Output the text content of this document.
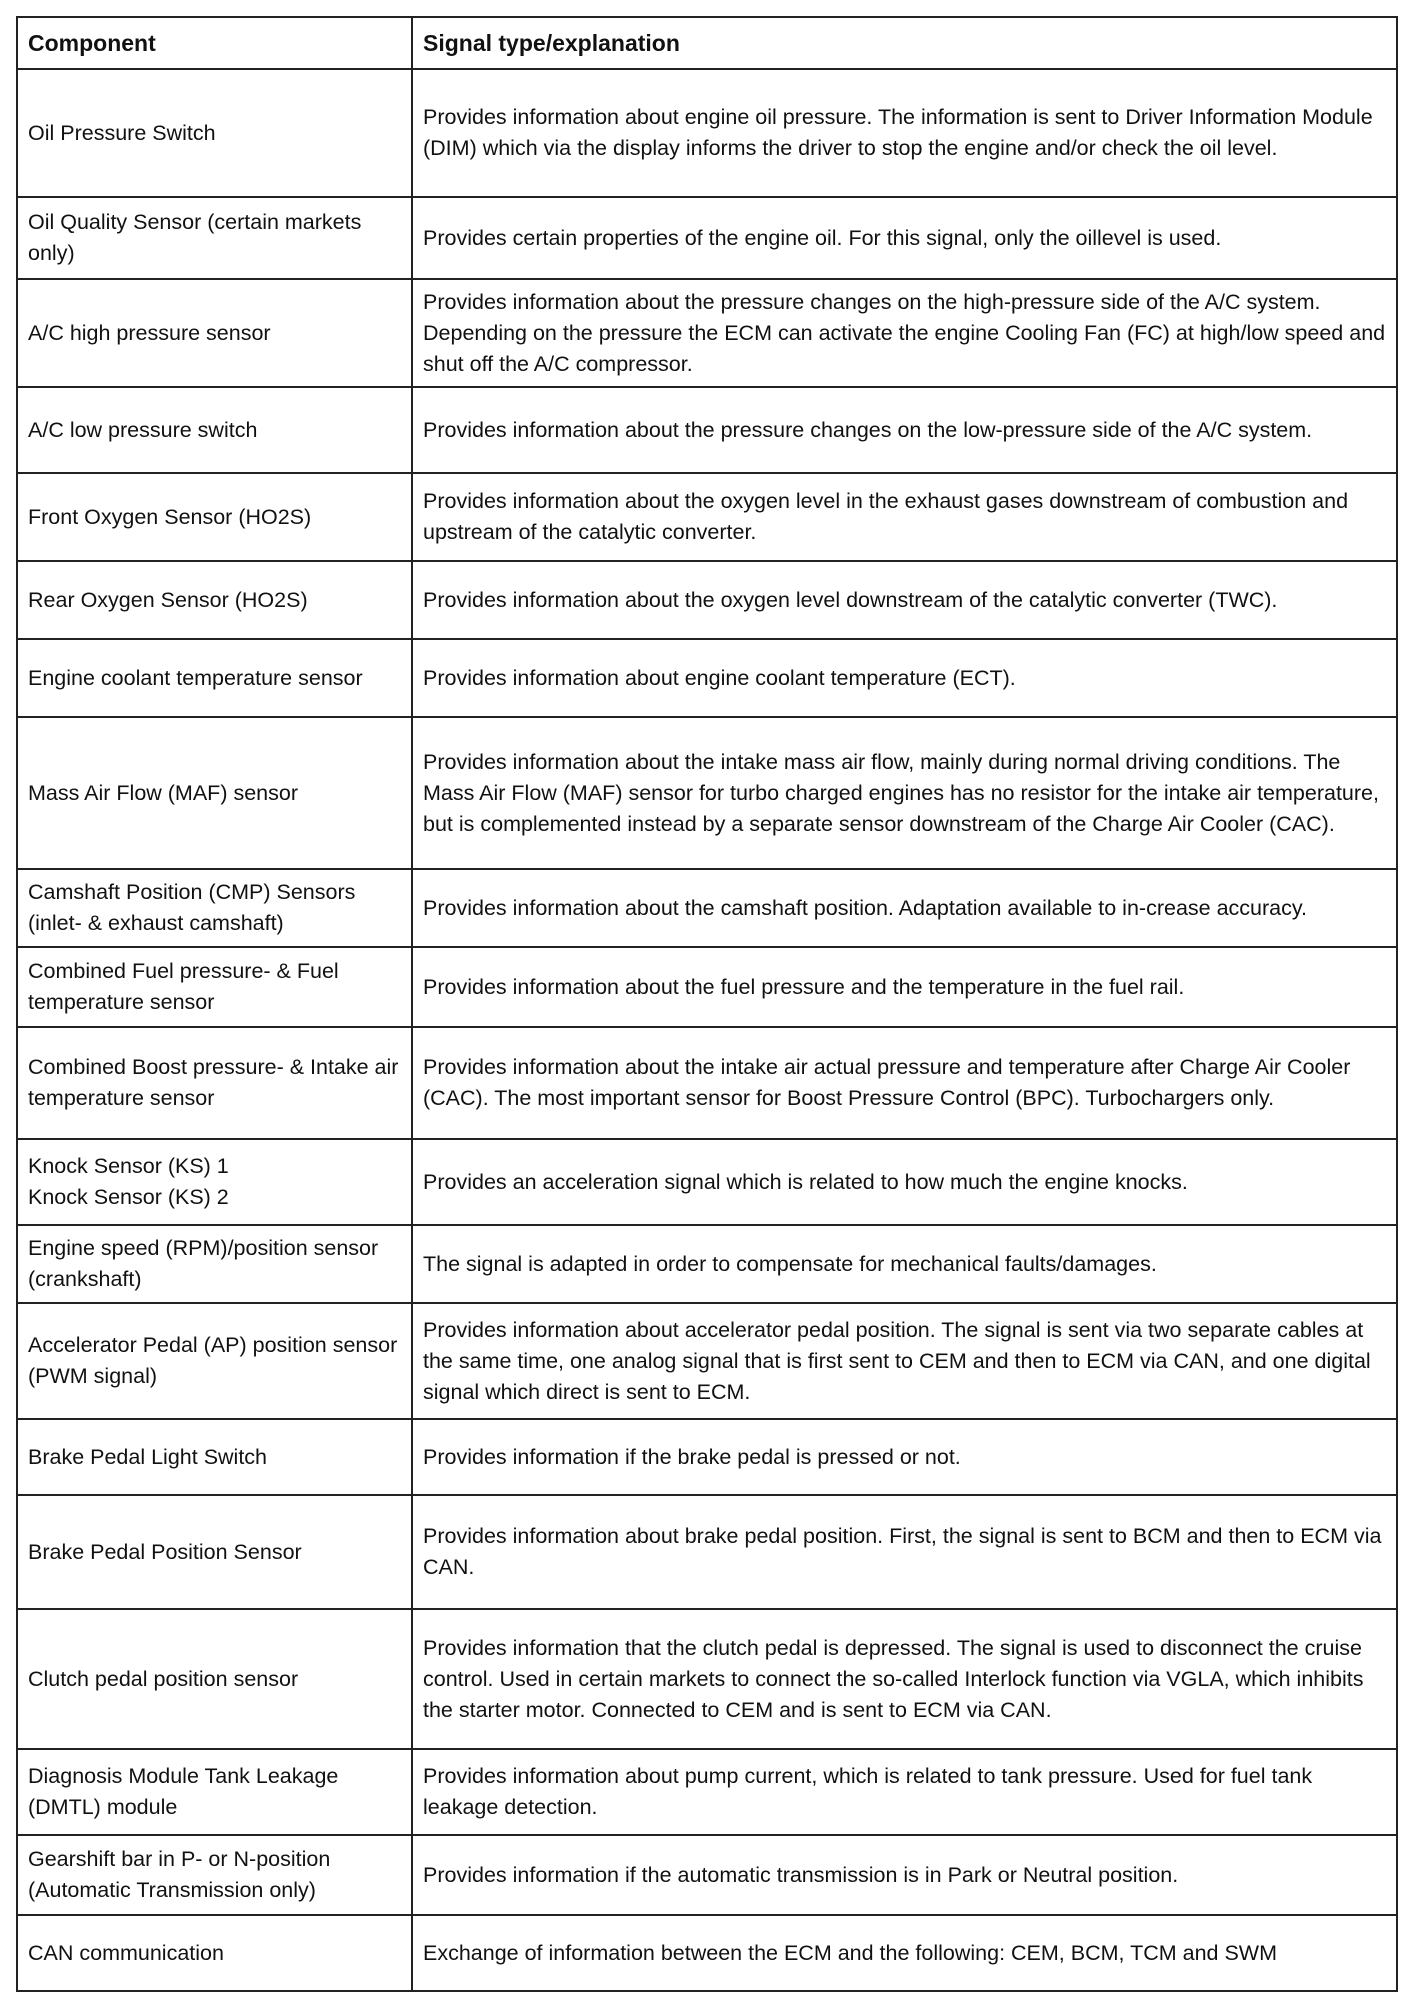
Component	Signal type/explanation
Oil Pressure Switch	Provides information about engine oil pressure. The information is sent to Driver Information Module (DIM) which via the display informs the driver to stop the engine and/or check the oil level.
Oil Quality Sensor (certain markets only)	Provides certain properties of the engine oil. For this signal, only the oillevel is used.
A/C high pressure sensor	Provides information about the pressure changes on the high-pressure side of the A/C system. Depending on the pressure the ECM can activate the engine Cooling Fan (FC) at high/low speed and shut off the A/C compressor.
A/C low pressure switch	Provides information about the pressure changes on the low-pressure side of the A/C system.
Front Oxygen Sensor (HO2S)	Provides information about the oxygen level in the exhaust gases downstream of combustion and upstream of the catalytic converter.
Rear Oxygen Sensor (HO2S)	Provides information about the oxygen level downstream of the catalytic converter (TWC).
Engine coolant temperature sensor	Provides information about engine coolant temperature (ECT).
Mass Air Flow (MAF) sensor	Provides information about the intake mass air flow, mainly during normal driving conditions. The Mass Air Flow (MAF) sensor for turbo charged engines has no resistor for the intake air temperature, but is complemented instead by a separate sensor downstream of the Charge Air Cooler (CAC).
Camshaft Position (CMP) Sensors (inlet- & exhaust camshaft)	Provides information about the camshaft position. Adaptation available to in-crease accuracy.
Combined Fuel pressure- & Fuel temperature sensor	Provides information about the fuel pressure and the temperature in the fuel rail.
Combined Boost pressure- & Intake air temperature sensor	Provides information about the intake air actual pressure and temperature after Charge Air Cooler (CAC). The most important sensor for Boost Pressure Control (BPC). Turbochargers only.
Knock Sensor (KS) 1
Knock Sensor (KS) 2	Provides an acceleration signal which is related to how much the engine knocks.
Engine speed (RPM)/position sensor (crankshaft)	The signal is adapted in order to compensate for mechanical faults/damages.
Accelerator Pedal (AP) position sensor (PWM signal)	Provides information about accelerator pedal position. The signal is sent via two separate cables at the same time, one analog signal that is first sent to CEM and then to ECM via CAN, and one digital signal which direct is sent to ECM.
Brake Pedal Light Switch	Provides information if the brake pedal is pressed or not.
Brake Pedal Position Sensor	Provides information about brake pedal position. First, the signal is sent to BCM and then to ECM via CAN.
Clutch pedal position sensor	Provides information that the clutch pedal is depressed. The signal is used to disconnect the cruise control. Used in certain markets to connect the so-called Interlock function via VGLA, which inhibits the starter motor. Connected to CEM and is sent to ECM via CAN.
Diagnosis Module Tank Leakage (DMTL) module	Provides information about pump current, which is related to tank pressure. Used for fuel tank leakage detection.
Gearshift bar in P- or N-position (Automatic Transmission only)	Provides information if the automatic transmission is in Park or Neutral position.
CAN communication	Exchange of information between the ECM and the following: CEM, BCM, TCM and SWM
